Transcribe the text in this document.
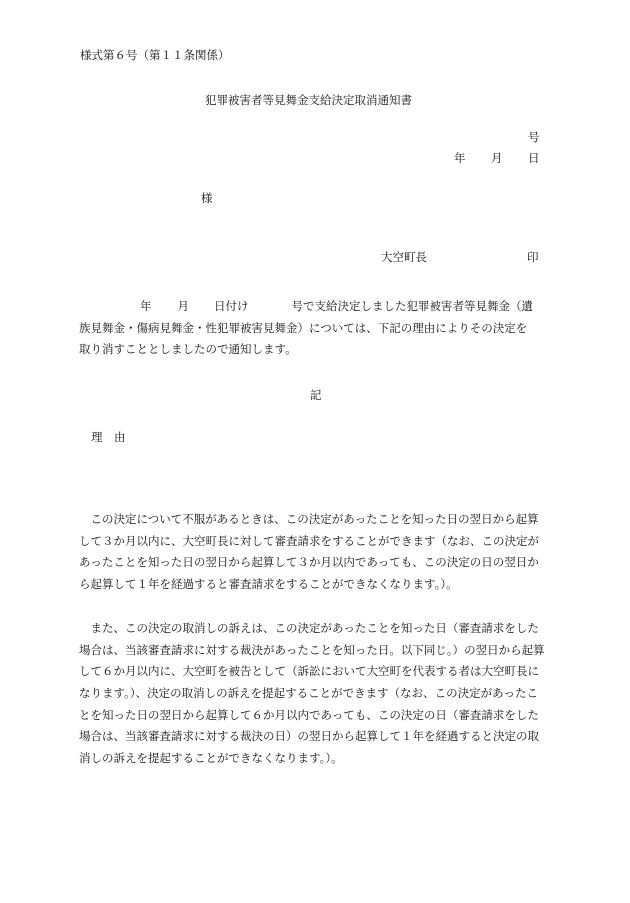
様式第６号（第１１条関係）
犯罪被害者等見舞金支給決定取消通知書
号
年 月 日
様
大空町長	印
年 月 日付け	号で支給決定しました犯罪被害者等見舞金（遺
族見舞金・傷病見舞金・性犯罪被害見舞金）については、下記の理由によりその決定を
取り消すこととしましたので通知します。
記
理　由
　この決定について不服があるときは、この決定があったことを知った日の翌日から起算
して３か月以内に、大空町長に対して審査請求をすることができます（なお、この決定が
あったことを知った日の翌日から起算して３か月以内であっても、この決定の日の翌日か
ら起算して１年を経過すると審査請求をすることができなくなります。）。
　また、この決定の取消しの訴えは、この決定があったことを知った日（審査請求をした
場合は、当該審査請求に対する裁決があったことを知った日。以下同じ。）の翌日から起算
して６か月以内に、大空町を被告として（訴訟において大空町を代表する者は大空町長に
なります。）、決定の取消しの訴えを提起することができます（なお、この決定があったこ
とを知った日の翌日から起算して６か月以内であっても、この決定の日（審査請求をした
場合は、当該審査請求に対する裁決の日）の翌日から起算して１年を経過すると決定の取
消しの訴えを提起することができなくなります。）。
